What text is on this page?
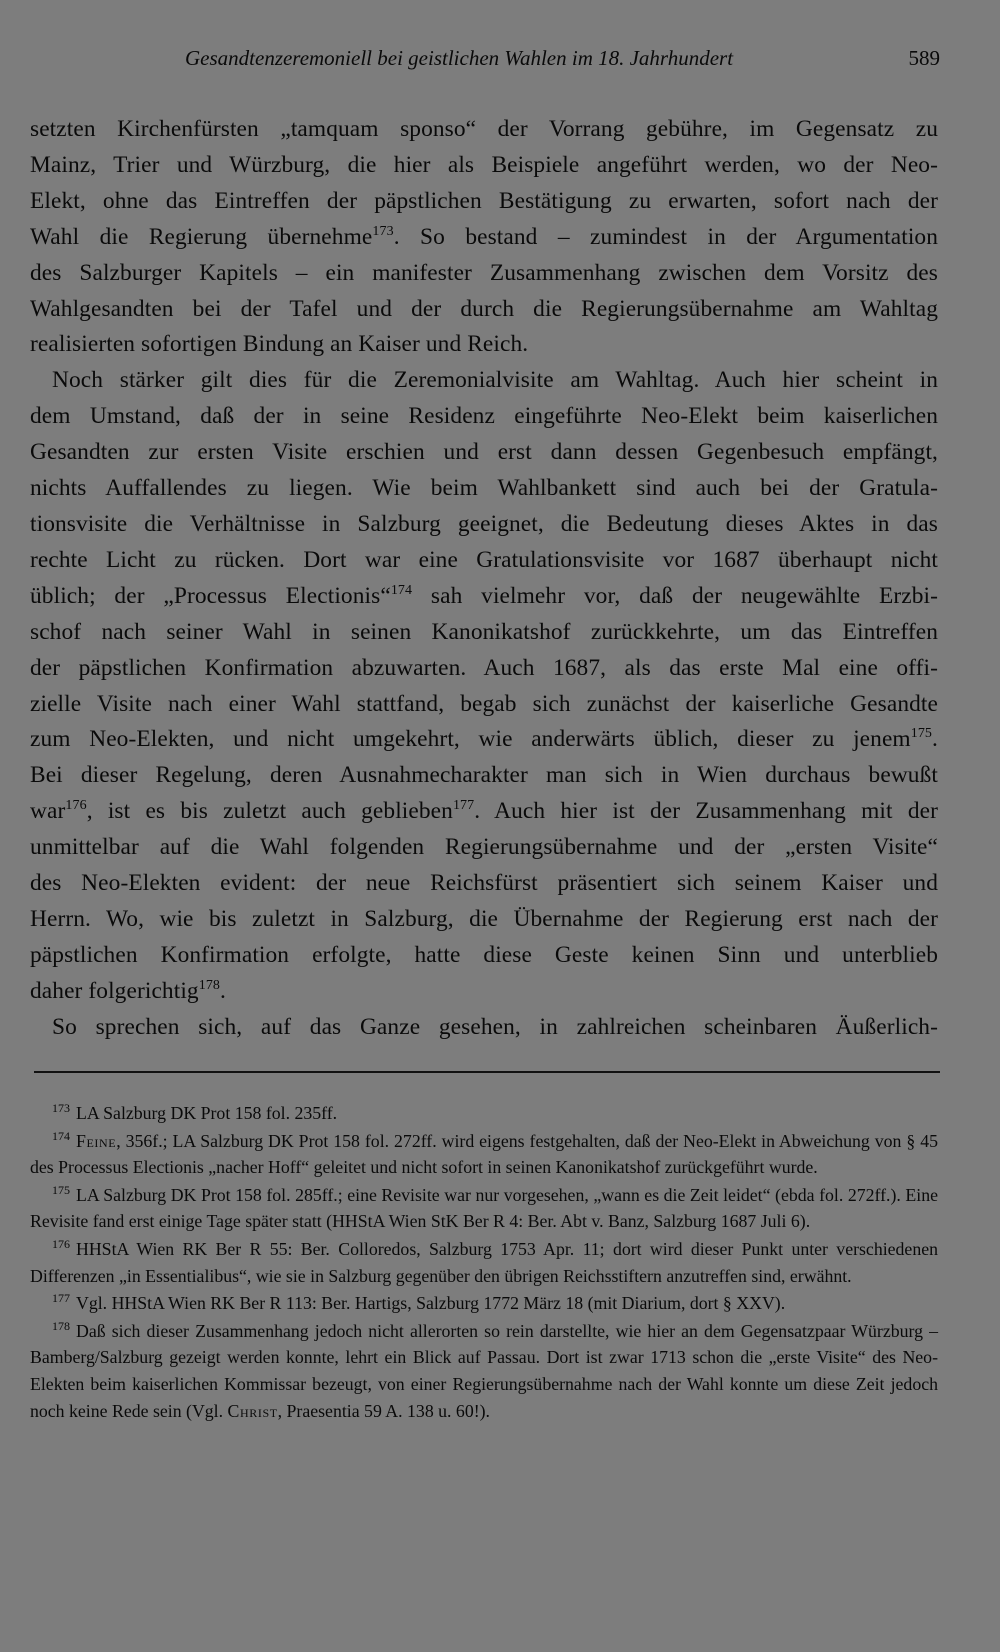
Gesandtenzeremoniell bei geistlichen Wahlen im 18. Jahrhundert	589

setzten Kirchenfürsten „tamquam sponso“ der Vorrang gebühre, im Gegensatz zu

Mainz, Trier und Würzburg, die hier als Beispiele angeführt werden, wo der Neo-

Elekt, ohne das Eintreffen der päpstlichen Bestätigung zu erwarten, sofort nach der

Wahl die Regierung übernehme$^{173}$. So bestand – zumindest in der Argumentation

des Salzburger Kapitels – ein manifester Zusammenhang zwischen dem Vorsitz des

Wahlgesandten bei der Tafel und der durch die Regierungsübernahme am Wahltag

realisierten sofortigen Bindung an Kaiser und Reich.

Noch stärker gilt dies für die Zeremonialvisite am Wahltag. Auch hier scheint in

dem Umstand, daß der in seine Residenz eingeführte Neo-Elekt beim kaiserlichen

Gesandten zur ersten Visite erschien und erst dann dessen Gegenbesuch empfängt,

nichts Auffallendes zu liegen. Wie beim Wahlbankett sind auch bei der Gratula-

tionsvisite die Verhältnisse in Salzburg geeignet, die Bedeutung dieses Aktes in das

rechte Licht zu rücken. Dort war eine Gratulationsvisite vor 1687 überhaupt nicht

üblich; der „Processus Electionis“$^{174}$ sah vielmehr vor, daß der neugewählte Erzbi-

schof nach seiner Wahl in seinen Kanonikatshof zurückkehrte, um das Eintreffen

der päpstlichen Konfirmation abzuwarten. Auch 1687, als das erste Mal eine offi-

zielle Visite nach einer Wahl stattfand, begab sich zunächst der kaiserliche Gesandte

zum Neo-Elekten, und nicht umgekehrt, wie anderwärts üblich, dieser zu jenem$^{175}$.

Bei dieser Regelung, deren Ausnahmecharakter man sich in Wien durchaus bewußt

war$^{176}$, ist es bis zuletzt auch geblieben$^{177}$. Auch hier ist der Zusammenhang mit der

unmittelbar auf die Wahl folgenden Regierungsübernahme und der „ersten Visite“

des Neo-Elekten evident: der neue Reichsfürst präsentiert sich seinem Kaiser und

Herrn. Wo, wie bis zuletzt in Salzburg, die Übernahme der Regierung erst nach der

päpstlichen Konfirmation erfolgte, hatte diese Geste keinen Sinn und unterblieb

daher folgerichtig$^{178}$.

So sprechen sich, auf das Ganze gesehen, in zahlreichen scheinbaren Äußerlich-

$^{173}$ LA Salzburg DK Prot 158 fol. 235ff.

$^{174}$ Feine, 356f.; LA Salzburg DK Prot 158 fol. 272ff. wird eigens festgehalten, daß der Neo-Elekt in Abweichung von § 45 des Processus Electionis „nacher Hoff“ geleitet und nicht sofort in seinen Kanonikatshof zurückgeführt wurde.

$^{175}$ LA Salzburg DK Prot 158 fol. 285ff.; eine Revisite war nur vorgesehen, „wann es die Zeit leidet“ (ebda fol. 272ff.). Eine Revisite fand erst einige Tage später statt (HHStA Wien StK Ber R 4: Ber. Abt v. Banz, Salzburg 1687 Juli 6).

$^{176}$ HHStA Wien RK Ber R 55: Ber. Colloredos, Salzburg 1753 Apr. 11; dort wird dieser Punkt unter verschiedenen Differenzen „in Essentialibus“, wie sie in Salzburg gegenüber den übrigen Reichsstiftern anzutreffen sind, erwähnt.

$^{177}$ Vgl. HHStA Wien RK Ber R 113: Ber. Hartigs, Salzburg 1772 März 18 (mit Diarium, dort § XXV).

$^{178}$ Daß sich dieser Zusammenhang jedoch nicht allerorten so rein darstellte, wie hier an dem Gegensatzpaar Würzburg – Bamberg/Salzburg gezeigt werden konnte, lehrt ein Blick auf Passau. Dort ist zwar 1713 schon die „erste Visite“ des Neo-Elekten beim kaiserlichen Kommissar bezeugt, von einer Regierungsübernahme nach der Wahl konnte um diese Zeit jedoch noch keine Rede sein (Vgl. Christ, Praesentia 59 A. 138 u. 60!).
